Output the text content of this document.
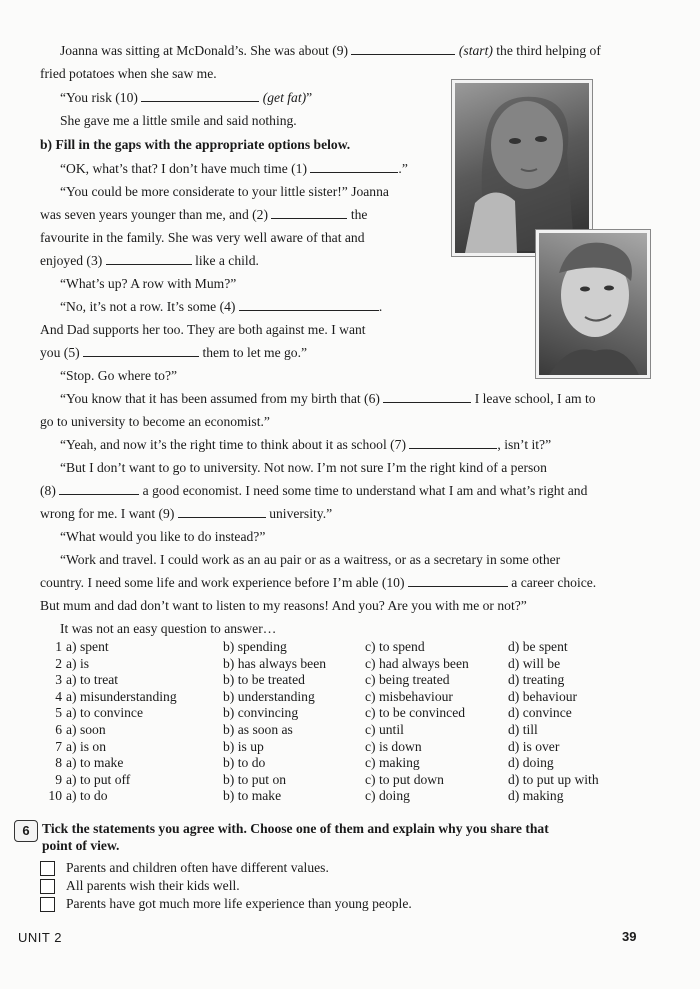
Joanna was sitting at McDonald’s. She was about (9)	(start) the third helping of
fried potatoes when she saw me.
“You risk (10)	(get fat)”
She gave me a little smile and said nothing.
b) Fill in the gaps with the appropriate options below.
“OK, what’s that? I don’t have much time (1)	.”
“You could be more considerate to your little sister!” Joanna
was seven years younger than me, and (2)	the
favourite in the family. She was very well aware of that and
enjoyed (3)	like a child.
“What’s up? A row with Mum?”
“No, it’s not a row. It’s some (4)	.
And Dad supports her too. They are both against me. I want
you (5)	them to let me go.”
“Stop. Go where to?”
“You know that it has been assumed from my birth that (6)	I leave school, I am to
go to university to become an economist.”
“Yeah, and now it’s the right time to think about it as school (7)	, isn’t it?”
“But I don’t want to go to university. Not now. I’m not sure I’m the right kind of a person
(8)	a good economist. I need some time to understand what I am and what’s right and
wrong for me. I want (9)	university.”
“What would you like to do instead?”
“Work and travel. I could work as an au pair or as a waitress, or as a secretary in some other
country. I need some life and work experience before I’m able (10)	a career choice.
But mum and dad don’t want to listen to my reasons! And you? Are you with me or not?”
It was not an easy question to answer…
1	a) spent	b) spending	c) to spend	d) be spent
2	a) is	b) has always been	c) had always been	d) will be
3	a) to treat	b) to be treated	c) being treated	d) treating
4	a) misunderstanding	b) understanding	c) misbehaviour	d) behaviour
5	a) to convince	b) convincing	c) to be convinced	d) convince
6	a) soon	b) as soon as	c) until	d) till
7	a) is on	b) is up	c) is down	d) is over
8	a) to make	b) to do	c) making	d) doing
9	a) to put off	b) to put on	c) to put down	d) to put up with
10	a) to do	b) to make	c) doing	d) making
6 Tick the statements you agree with. Choose one of them and explain why you share that
point of view.
Parents and children often have different values.
All parents wish their kids well.
Parents have got much more life experience than young people.
UNIT 2	39
